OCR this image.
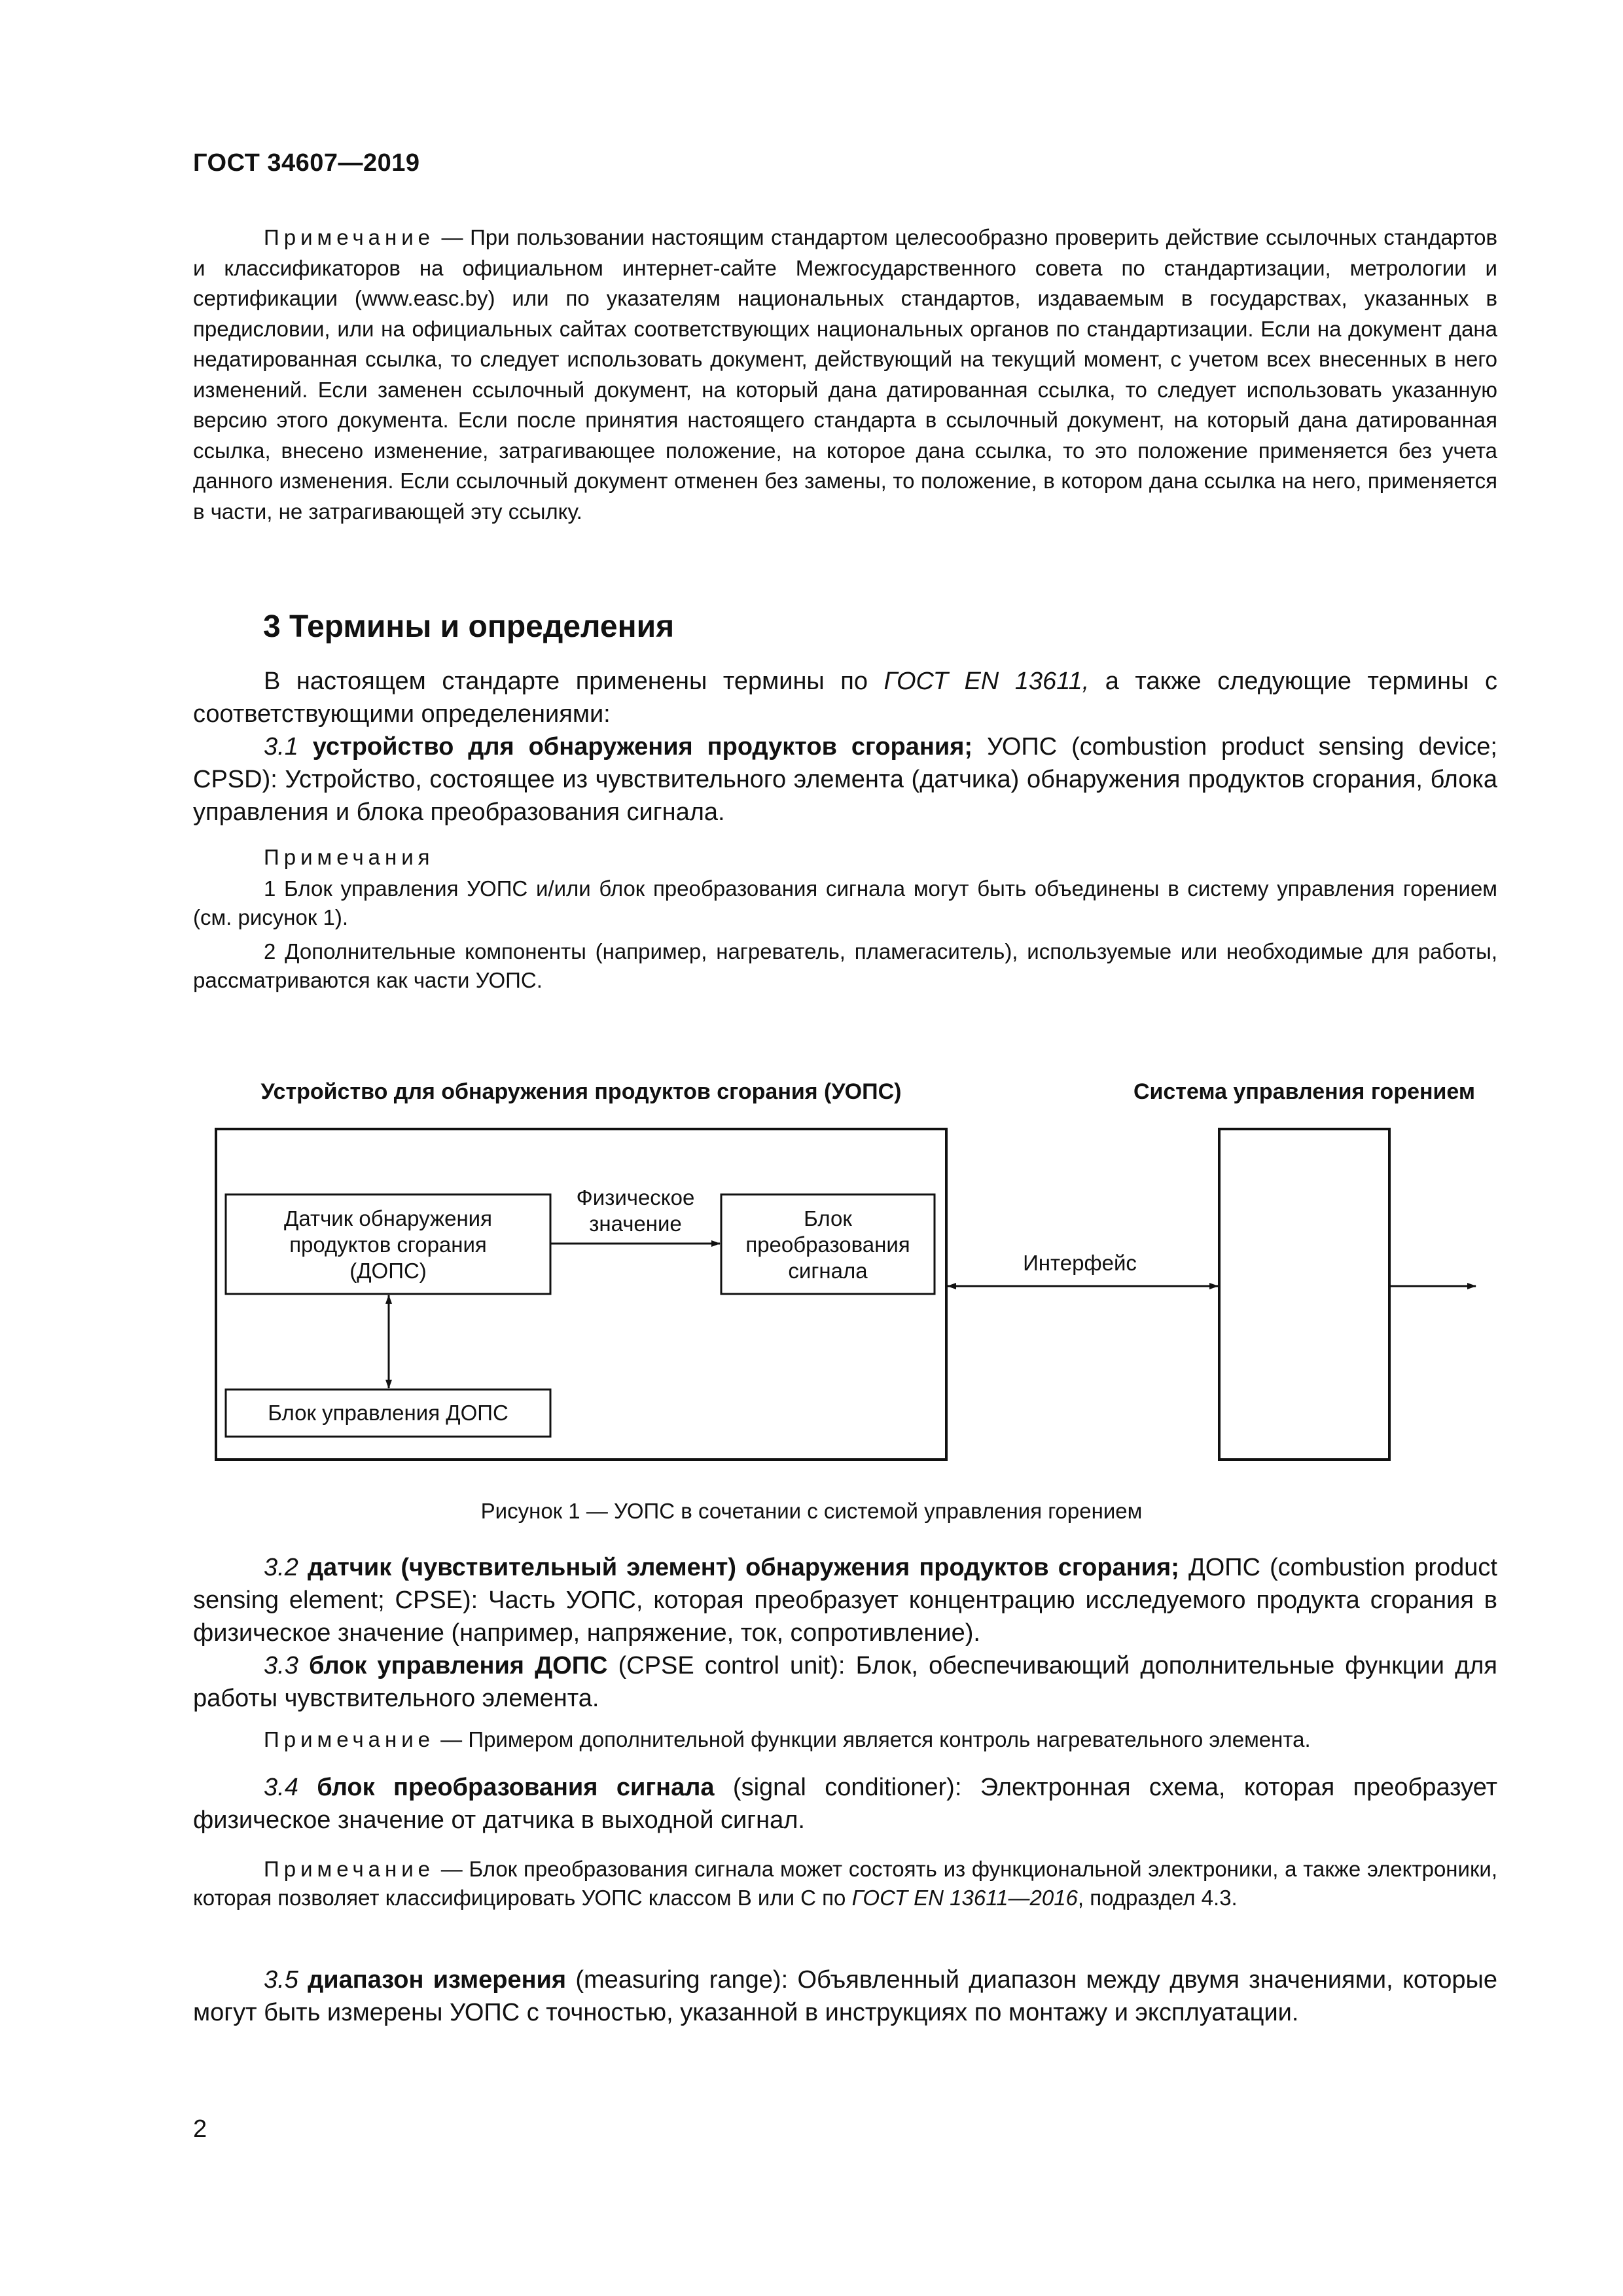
ГОСТ 34607—2019

Примечание — При пользовании настоящим стандартом целесообразно проверить действие ссылочных стандартов и классификаторов на официальном интернет-сайте Межгосударственного совета по стандартизации, метрологии и сертификации (www.easc.by) или по указателям национальных стандартов, издаваемым в государствах, указанных в предисловии, или на официальных сайтах соответствующих национальных органов по стандартизации. Если на документ дана недатированная ссылка, то следует использовать документ, действующий на текущий момент, с учетом всех внесенных в него изменений. Если заменен ссылочный документ, на который дана датированная ссылка, то следует использовать указанную версию этого документа. Если после принятия настоящего стандарта в ссылочный документ, на который дана датированная ссылка, внесено изменение, затрагивающее положение, на которое дана ссылка, то это положение применяется без учета данного изменения. Если ссылочный документ отменен без замены, то положение, в котором дана ссылка на него, применяется в части, не затрагивающей эту ссылку.

3 Термины и определения

В настоящем стандарте применены термины по ГОСТ EN 13611, а также следующие термины с соответствующими определениями:

3.1 устройство для обнаружения продуктов сгорания; УОПС (combustion product sensing device; CPSD): Устройство, состоящее из чувствительного элемента (датчика) обнаружения продуктов сгорания, блока управления и блока преобразования сигнала.

Примечания

1 Блок управления УОПС и/или блок преобразования сигнала могут быть объединены в систему управления горением (см. рисунок 1).

2 Дополнительные компоненты (например, нагреватель, пламегаситель), используемые или необходимые для работы, рассматриваются как части УОПС.

Устройство для обнаружения продуктов сгорания (УОПС)	Система управления горением
Датчик обнаружения
продуктов сгорания
(ДОПС)
Физическое
значение	Блок
преобразования
сигнала	Интерфейс
Блок управления ДОПС
Рисунок 1 — УОПС в сочетании с системой управления горением

3.2 датчик (чувствительный элемент) обнаружения продуктов сгорания; ДОПС (combustion product sensing element; CPSE): Часть УОПС, которая преобразует концентрацию исследуемого продукта сгорания в физическое значение (например, напряжение, ток, сопротивление).

3.3 блок управления ДОПС (CPSE control unit): Блок, обеспечивающий дополнительные функции для работы чувствительного элемента.

Примечание — Примером дополнительной функции является контроль нагревательного элемента.

3.4 блок преобразования сигнала (signal conditioner): Электронная схема, которая преобразует физическое значение от датчика в выходной сигнал.

Примечание — Блок преобразования сигнала может состоять из функциональной электроники, а также электроники, которая позволяет классифицировать УОПС классом B или C по ГОСТ EN 13611—2016, подраздел 4.3.

3.5 диапазон измерения (measuring range): Объявленный диапазон между двумя значениями, которые могут быть измерены УОПС с точностью, указанной в инструкциях по монтажу и эксплуатации.

2
